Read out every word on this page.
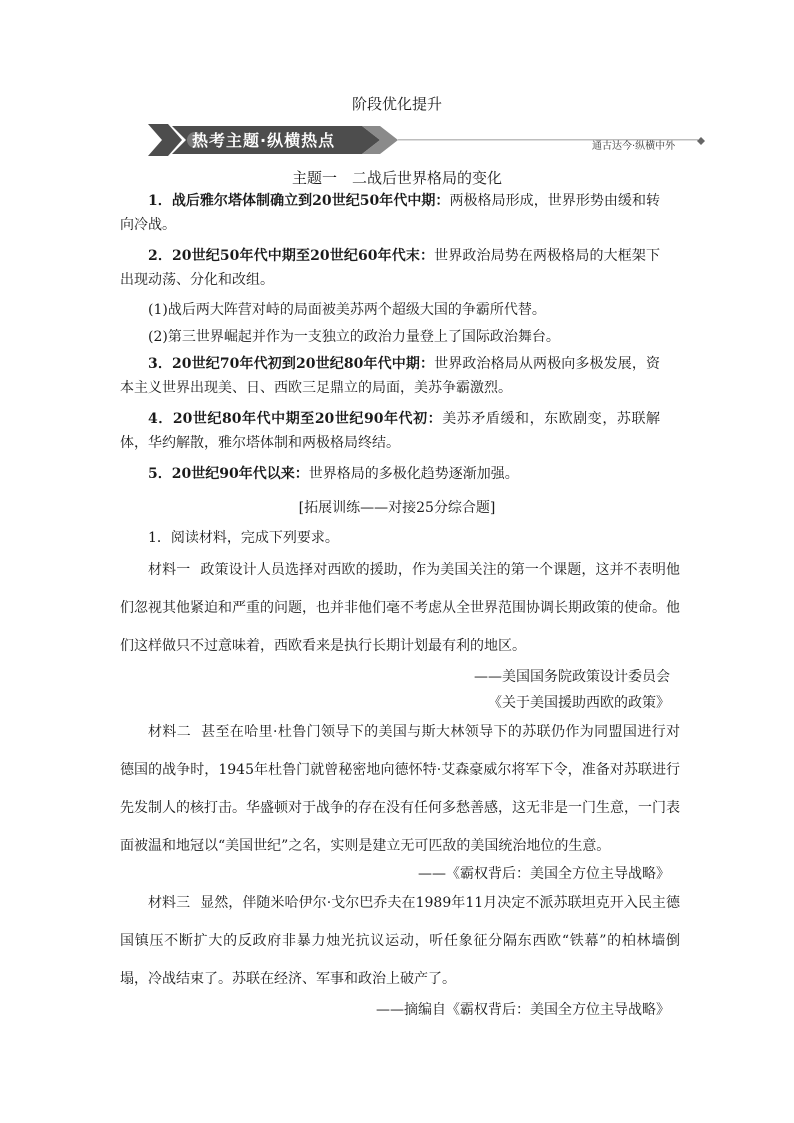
阶段优化提升
热考主题·纵横热点	通古达今·纵横中外
主题一　二战后世界格局的变化
1．战后雅尔塔体制确立到20世纪50年代中期：两极格局形成，世界形势由缓和转向冷战。
2．20世纪50年代中期至20世纪60年代末：世界政治局势在两极格局的大框架下出现动荡、分化和改组。
(1)战后两大阵营对峙的局面被美苏两个超级大国的争霸所代替。
(2)第三世界崛起并作为一支独立的政治力量登上了国际政治舞台。
3．20世纪70年代初到20世纪80年代中期：世界政治格局从两极向多极发展，资本主义世界出现美、日、西欧三足鼎立的局面，美苏争霸激烈。
4．20世纪80年代中期至20世纪90年代初：美苏矛盾缓和，东欧剧变，苏联解体，华约解散，雅尔塔体制和两极格局终结。
5．20世纪90年代以来：世界格局的多极化趋势逐渐加强。
[拓展训练——对接25分综合题]
1．阅读材料，完成下列要求。
材料一 政策设计人员选择对西欧的援助，作为美国关注的第一个课题，这并不表明他们忽视其他紧迫和严重的问题，也并非他们毫不考虑从全世界范围协调长期政策的使命。他们这样做只不过意味着，西欧看来是执行长期计划最有利的地区。
——美国国务院政策设计委员会
《关于美国援助西欧的政策》
材料二 甚至在哈里·杜鲁门领导下的美国与斯大林领导下的苏联仍作为同盟国进行对德国的战争时，1945年杜鲁门就曾秘密地向德怀特·艾森豪威尔将军下令，准备对苏联进行先发制人的核打击。华盛顿对于战争的存在没有任何多愁善感，这无非是一门生意，一门表面被温和地冠以“美国世纪”之名，实则是建立无可匹敌的美国统治地位的生意。
——《霸权背后：美国全方位主导战略》
材料三 显然，伴随米哈伊尔·戈尔巴乔夫在1989年11月决定不派苏联坦克开入民主德国镇压不断扩大的反政府非暴力烛光抗议运动，听任象征分隔东西欧“铁幕”的柏林墙倒塌，冷战结束了。苏联在经济、军事和政治上破产了。
——摘编自《霸权背后：美国全方位主导战略》
